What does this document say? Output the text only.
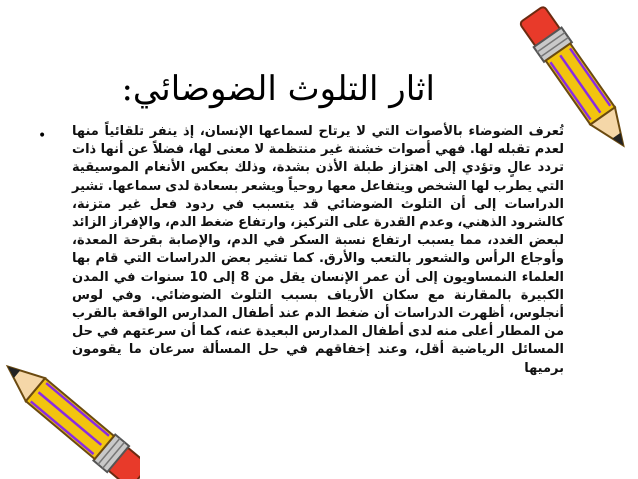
اثار التلوث الضوضائي:
• تُعرف الضوضاء بالأصوات التي لا يرتاح لسماعها الإنسان، إذ ينفر تلقائياً منها لعدم تقبله لها. فهي أصوات خشنة غير منتظمة لا معنى لها، فضلاً عن أنها ذات تردد عالٍ وتؤدي إلى اهتزاز طبلة الأذن بشدة، وذلك بعكس الأنغام الموسيقية التي يطرب لها الشخص ويتفاعل معها روحياً ويشعر بسعادة لدى سماعها. تشير الدراسات إلى أن التلوث الضوضائي قد يتسبب في ردود فعل غير متزنة، كالشرود الذهني، وعدم القدرة على التركيز، وارتفاع ضغط الدم، والإفراز الزائد لبعض الغدد، مما يسبب ارتفاع نسبة السكر في الدم، والإصابة بقرحة المعدة، وأوجاع الرأس والشعور بالتعب والأرق. كما تشير بعض الدراسات التي قام بها العلماء النمساويون إلى أن عمر الإنسان يقل من 8 إلى 10 سنوات في المدن الكبيرة بالمقارنة مع سكان الأرياف بسبب التلوث الضوضائي. وفي لوس أنجلوس، أظهرت الدراسات أن ضغط الدم عند أطفال المدارس الواقعة بالقرب من المطار أعلى منه لدى أطفال المدارس البعيدة عنه، كما أن سرعتهم في حل المسائل الرياضية أقل، وعند إخفاقهم في حل المسألة سرعان ما يقومون برميها
